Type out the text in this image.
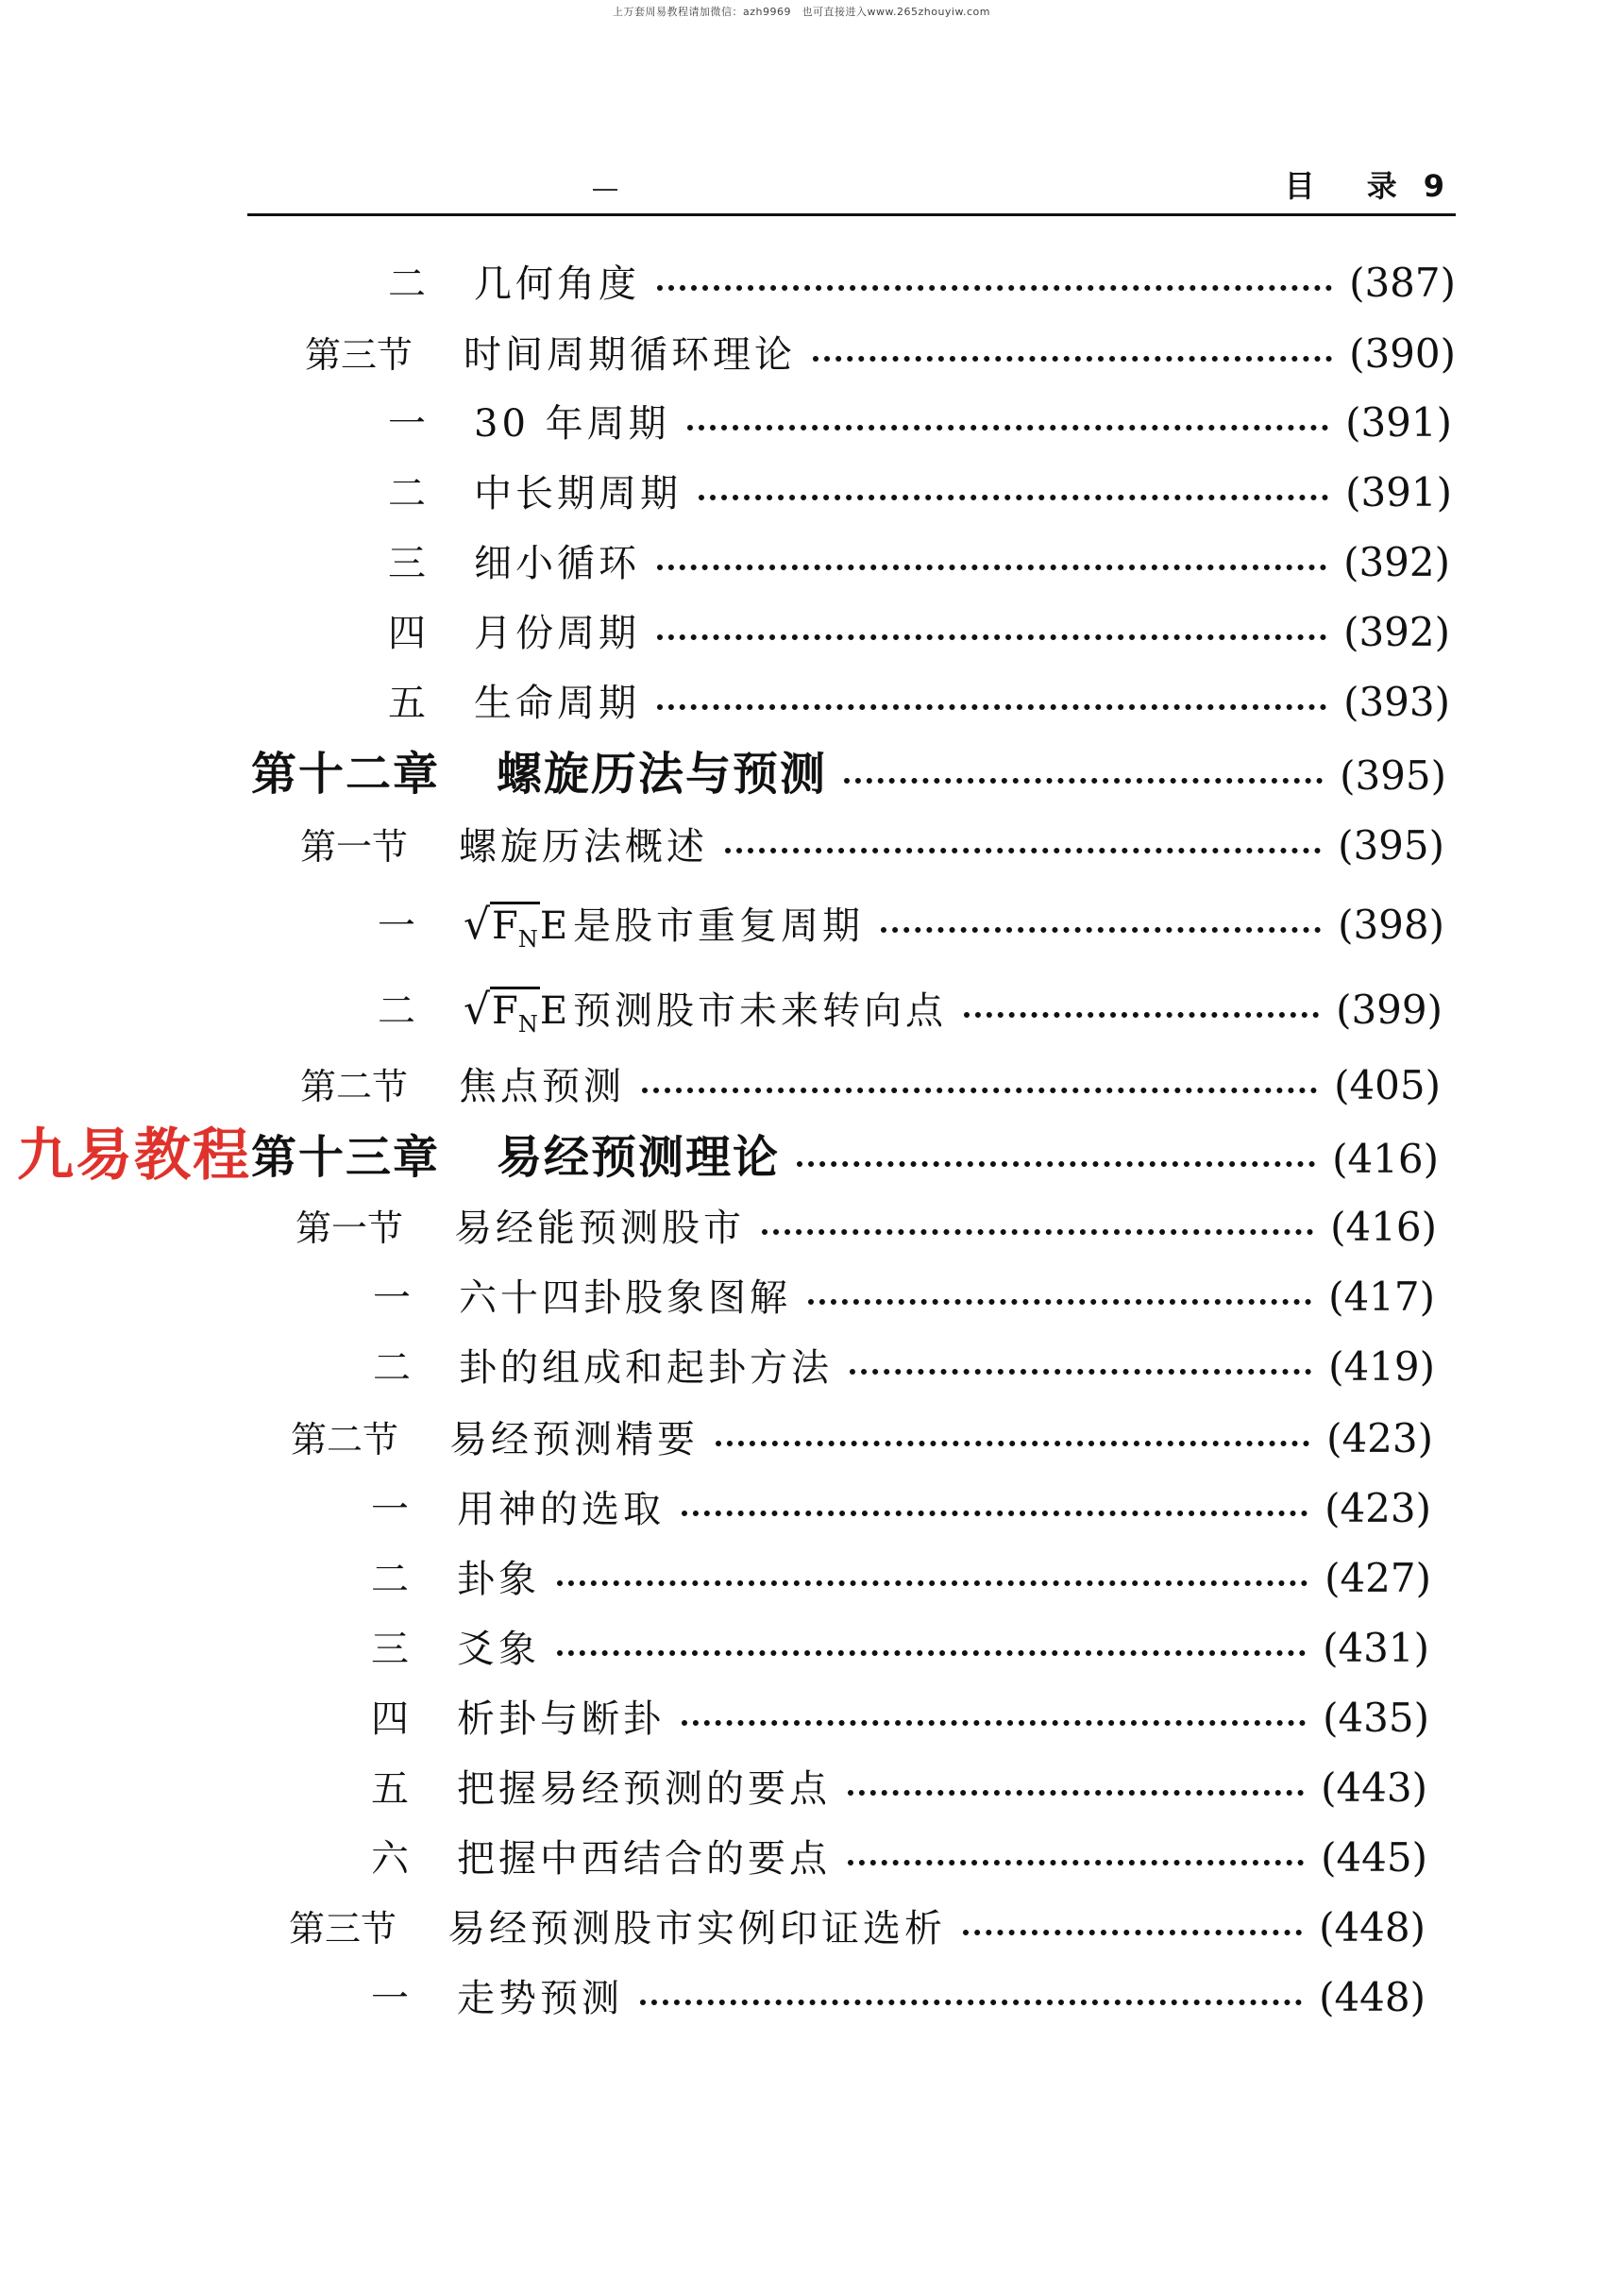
上万套周易教程请加微信：azh9969　也可直接进入www.265zhouyiw.com
目 录 9
二	几何角度	(387)
第三节	时间周期循环理论	(390)
一	30 年周期	(391)
二	中长期周期	(391)
三	细小循环	(392)
四	月份周期	(392)
五	生命周期	(393)
第十二章 螺旋历法与预测	(395)
第一节	螺旋历法概述	(395)
一	$√F_NE$ 是股市重复周期	(398)
二	$√F_NE$ 预测股市未来转向点	(399)
第二节	焦点预测	(405)
第十三章 易经预测理论	(416)
第一节	易经能预测股市	(416)
一	六十四卦股象图解	(417)
二	卦的组成和起卦方法	(419)
第二节	易经预测精要	(423)
一	用神的选取	(423)
二	卦象	(427)
三	爻象	(431)
四	析卦与断卦	(435)
五	把握易经预测的要点	(443)
六	把握中西结合的要点	(445)
第三节	易经预测股市实例印证选析	(448)
一	走势预测	(448)
九易教程
